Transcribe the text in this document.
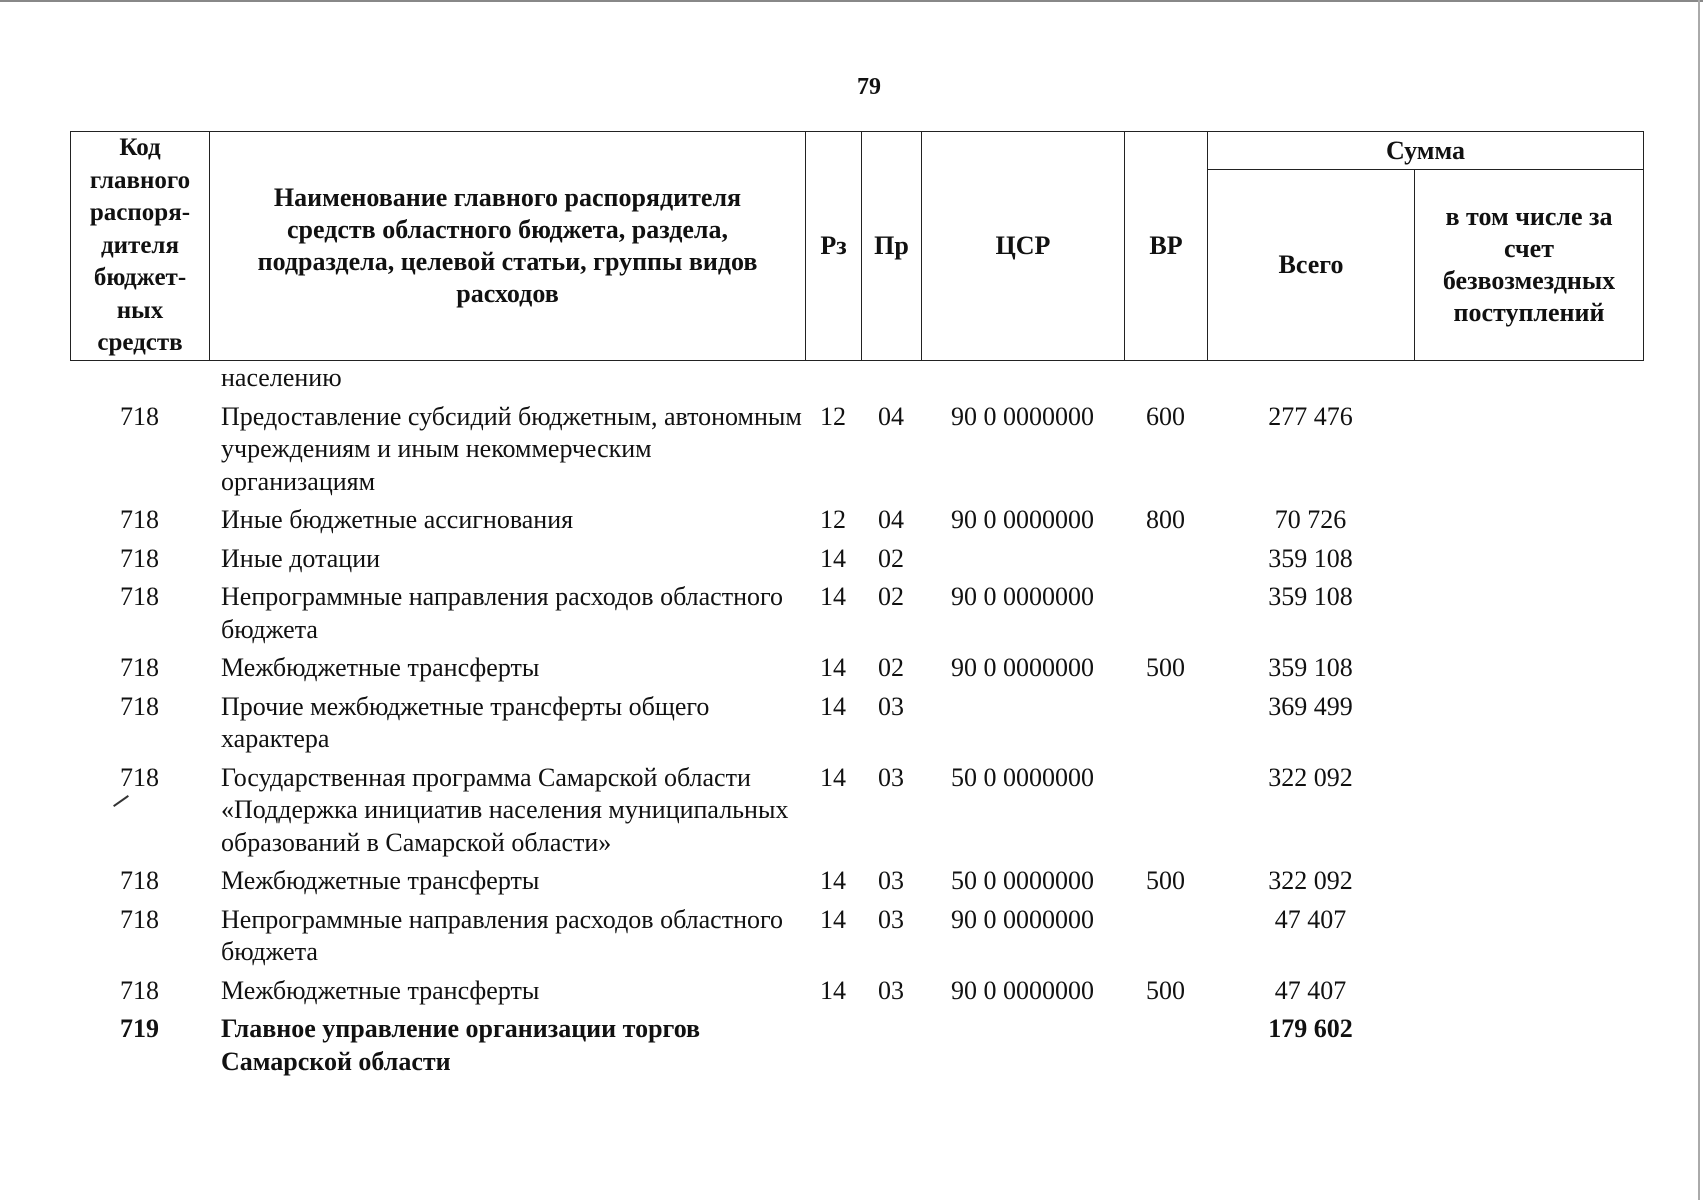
79
Код главного распоря-дителя бюджет-ных средств	Наименование главного распорядителя средств областного бюджета, раздела, подраздела, целевой статьи, группы видов расходов	Рз	Пр	ЦСР	ВР	Сумма	
						Всего	в том числе за счет безвозмездных поступлений
	населению						
718	Предоставление субсидий бюджетным, автономным учреждениям и иным некоммерческим организациям	12	04	90 0 0000000	600	277 476	
718	Иные бюджетные ассигнования	12	04	90 0 0000000	800	70 726	
718	Иные дотации	14	02			359 108	
718	Непрограммные направления расходов областного бюджета	14	02	90 0 0000000		359 108	
718	Межбюджетные трансферты	14	02	90 0 0000000	500	359 108	
718	Прочие межбюджетные трансферты общего характера	14	03			369 499	
718	Государственная программа Самарской области «Поддержка инициатив населения муниципальных образований в Самарской области»	14	03	50 0 0000000		322 092	
718	Межбюджетные трансферты	14	03	50 0 0000000	500	322 092	
718	Непрограммные направления расходов областного бюджета	14	03	90 0 0000000		47 407	
718	Межбюджетные трансферты	14	03	90 0 0000000	500	47 407	
719	Главное управление организации торгов Самарской области					179 602	
